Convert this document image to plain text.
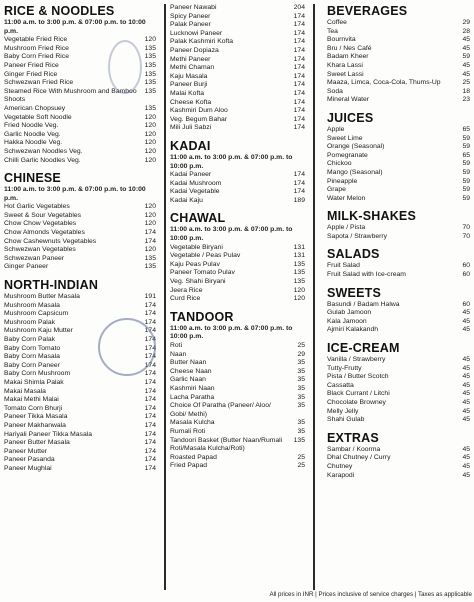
RICE & NOODLES
11:00 a.m. to 3:00 p.m. & 07:00 p.m. to 10:00 p.m.
Vegetable Fried Rice	120
Mushroom Fried Rice	135
Baby Corn Fried Rice	135
Paneer Fried Rice	135
Ginger Fried Rice	135
Schwezwan Fried Rice	135
Steamed Rice With Mushroom and Bamboo Shoots
135
American Chopsuey	135
Vegetable Soft Noodle	120
Fried Noodle Veg.	120
Garlic Noodle Veg.	120
Hakka Noodle Veg.	120
Schwezwan Noodles Veg.	120
Chilli Garlic Noodles Veg.	120
CHINESE
11:00 a.m. to 3:00 p.m. & 07:00 p.m. to 10:00 p.m.
Hot Garlic Vegetables	120
Sweet & Sour Vegetables	120
Chow Chow Vegetables	120
Chow Almonds Vegetables	174
Chow Cashewnuts Vegetables	174
Schwezwan Vegetables	120
Schwezwan Paneer	135
Ginger Paneer	135
NORTH-INDIAN
Mushroom Butter Masala	191
Mushroom Masala	174
Mushroom Capsicum	174
Mushroom Palak	174
Mushroom Kaju Mutter	174
Baby Corn Palak	174
Baby Corn Tomato	174
Baby Corn Masala	174
Baby Corn Paneer	174
Baby Corn Mushroom	174
Makai Shimla Palak	174
Makai Masala	174
Makai Methi Malai	174
Tomato Corn Bhurji	174
Paneer Tikka Masala	174
Paneer Makhanwala	174
Hariyali Paneer Tikka Masala	174
Paneer Butter Masala	174
Paneer Mutter	174
Paneer Pasanda	174
Paneer Mughlai	174
Paneer Nawabi	204
Spicy Paneer	174
Palak Paneer	174
Lucknowi Paneer	174
Palak Kashmiri Kofta	174
Paneer Dopiaza	174
Methi Paneer	174
Methi Chaman	174
Kaju Masala	174
Paneer Burji	174
Malai Kofta	174
Cheese Kofta	174
Kashmiri Dum Aloo	174
Veg. Begum Bahar	174
Mili Juli Sabzi	174
KADAI
11:00 a.m. to 3:00 p.m. & 07:00 p.m. to 10:00 p.m.
Kadai Paneer	174
Kadai Mushroom	174
Kadai Vegetable	174
Kadai Kaju	189
CHAWAL
11:00 a.m. to 3:00 p.m. & 07:00 p.m. to 10:00 p.m.
Vegetable Biryani	131
Vegetable / Peas Pulav	131
Kaju Peas Pulav	135
Paneer Tomato Pulav	135
Veg. Shahi Biryani	135
Jeera Rice	120
Curd Rice	120
TANDOOR
11:00 a.m. to 3:00 p.m. & 07:00 p.m. to 10:00 p.m.
Roti	25
Naan	29
Butter Naan	35
Cheese Naan	35
Garlic Naan	35
Kashmiri Naan	35
Lacha Paratha	35
Choice Of Paratha (Paneer/ Aloo/ Gobi/ Methi)
35
Masala Kulcha	35
Rumali Roti	35
Tandoori Basket (Butter Naan/Rumali Roti/Masala Kulcha/Roti)
135
Roasted Papad	25
Fried Papad	25
BEVERAGES
Coffee	29
Tea	28
Bournvita	45
Bru / Nes Café	45
Badam Kheer	59
Khara Lassi	45
Sweet Lassi	45
Maaza, Limca, Coca-Cola, Thums-Up	25
Soda	18
Mineral Water	23
JUICES
Apple	65
Sweet Lime	59
Orange (Seasonal)	59
Pomegranate	65
Chickoo	59
Mango (Seasonal)	59
Pineapple	59
Grape	59
Water Melon	59
MILK-SHAKES
Apple / Pista	70
Sapota / Strawberry	70
SALADS
Fruit Salad	60
Fruit Salad with Ice-cream	60
SWEETS
Basundi / Badam Halwa	60
Gulab Jamoon	45
Kala Jamoon	45
Ajmiri Kalakandh	45
ICE-CREAM
Vanilla / Strawberry	45
Tutty-Frutty	45
Pista / Butter Scotch	45
Cassatta	45
Black Currant / Litchi	45
Chocolate Browney	45
Melly Jelly	45
Shahi Gulab	45
EXTRAS
Sambar / Koorma	45
Dhal Chutney / Curry	45
Chutney	45
Karapodi	45
All prices in INR | Prices inclusive of service charges | Taxes as applicable
